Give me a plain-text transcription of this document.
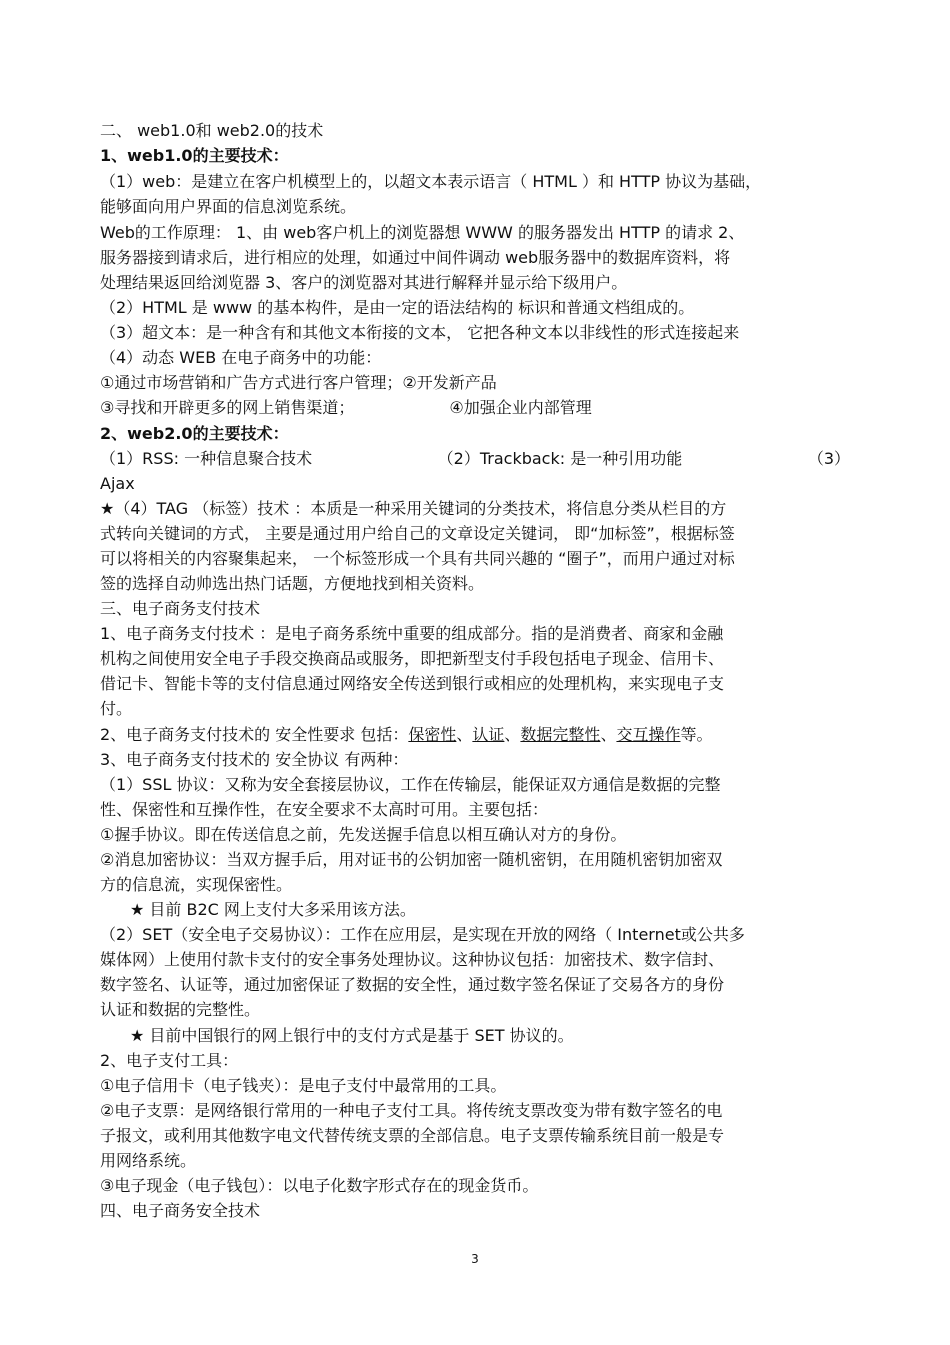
二、 web1.0和 web2.0的技术
1、web1.0的主要技术：
（1）web：是建立在客户机模型上的，以超文本表示语言（ HTML ）和 HTTP 协议为基础，
能够面向用户界面的信息浏览系统。
Web的工作原理： 1、由 web客户机上的浏览器想 WWW 的服务器发出 HTTP 的请求 2、
服务器接到请求后，进行相应的处理，如通过中间件调动 web服务器中的数据库资料，将
处理结果返回给浏览器 3、客户的浏览器对其进行解释并显示给下级用户。
（2）HTML 是 www 的基本构件，是由一定的语法结构的 标识和普通文档组成的。
（3）超文本：是一种含有和其他文本衔接的文本， 它把各种文本以非线性的形式连接起来
（4）动态 WEB 在电子商务中的功能：
①通过市场营销和广告方式进行客户管理；②开发新产品
③寻找和开辟更多的网上销售渠道；	④加强企业内部管理
2、web2.0的主要技术：
（1）RSS: 一种信息聚合技术	（2）Trackback: 是一种引用功能	（3）
Ajax
★（4）TAG （标签）技术 ：本质是一种采用关键词的分类技术，将信息分类从栏目的方
式转向关键词的方式， 主要是通过用户给自己的文章设定关键词， 即“加标签”，根据标签
可以将相关的内容聚集起来， 一个标签形成一个具有共同兴趣的 “圈子”，而用户通过对标
签的选择自动帅选出热门话题，方便地找到相关资料。
三、电子商务支付技术
1、电子商务支付技术 ：是电子商务系统中重要的组成部分。指的是消费者、商家和金融
机构之间使用安全电子手段交换商品或服务，即把新型支付手段包括电子现金、信用卡、
借记卡、智能卡等的支付信息通过网络安全传送到银行或相应的处理机构，来实现电子支
付。
2、电子商务支付技术的 安全性要求 包括：保密性、认证、数据完整性、交互操作等。
3、电子商务支付技术的 安全协议 有两种：
（1）SSL 协议：又称为安全套接层协议，工作在传输层，能保证双方通信是数据的完整
性、保密性和互操作性，在安全要求不太高时可用。主要包括：
①握手协议。即在传送信息之前，先发送握手信息以相互确认对方的身份。
②消息加密协议：当双方握手后，用对证书的公钥加密一随机密钥，在用随机密钥加密双
方的信息流，实现保密性。
★ 目前 B2C 网上支付大多采用该方法。
（2）SET（安全电子交易协议）：工作在应用层，是实现在开放的网络（ Internet或公共多
媒体网）上使用付款卡支付的安全事务处理协议。这种协议包括：加密技术、数字信封、
数字签名、认证等，通过加密保证了数据的安全性，通过数字签名保证了交易各方的身份
认证和数据的完整性。
★ 目前中国银行的网上银行中的支付方式是基于 SET 协议的。
2、电子支付工具：
①电子信用卡（电子钱夹）：是电子支付中最常用的工具。
②电子支票：是网络银行常用的一种电子支付工具。将传统支票改变为带有数字签名的电
子报文，或利用其他数字电文代替传统支票的全部信息。电子支票传输系统目前一般是专
用网络系统。
③电子现金（电子钱包）：以电子化数字形式存在的现金货币。
四、电子商务安全技术
3
